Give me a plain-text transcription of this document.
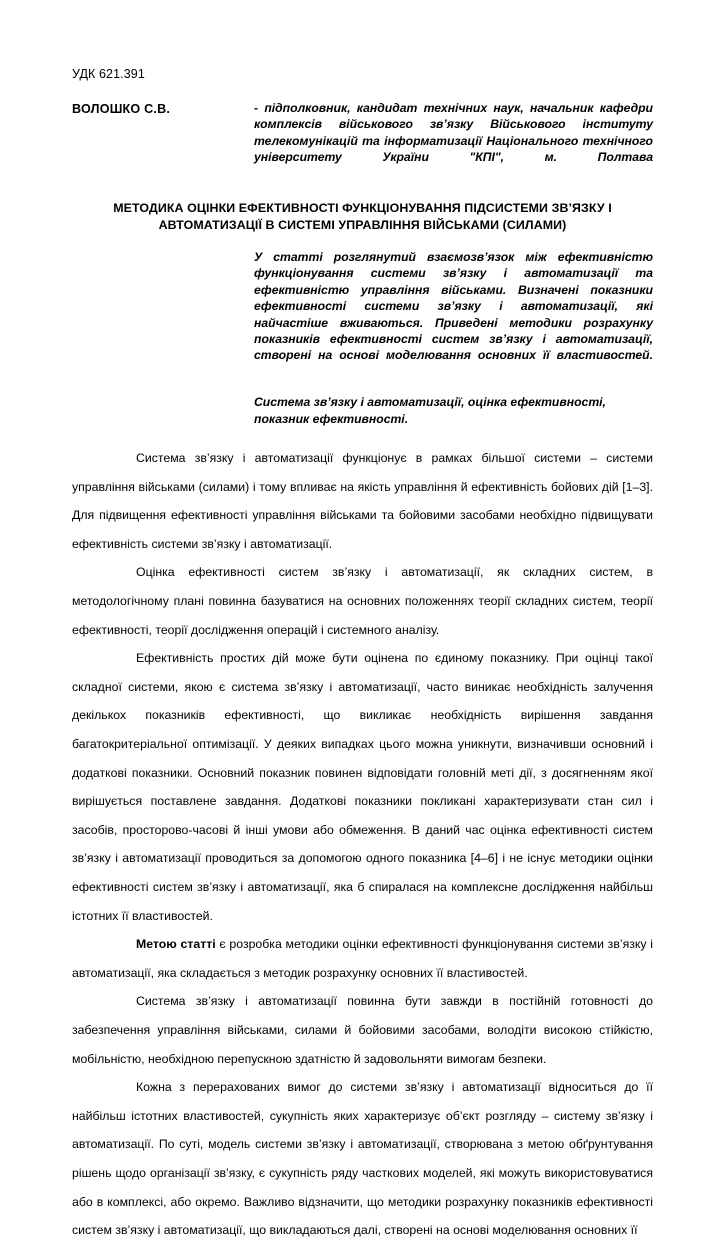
УДК 621.391
ВОЛОШКО С.В.	- підполковник, кандидат технічних наук, начальник кафедри комплексів військового зв’язку Військового інституту телекомунікацій та інформатизації Національного технічного університету України "КПІ", м. Полтава
МЕТОДИКА ОЦІНКИ ЕФЕКТИВНОСТІ ФУНКЦІОНУВАННЯ ПІДСИСТЕМИ ЗВ’ЯЗКУ І
АВТОМАТИЗАЦІЇ В СИСТЕМІ УПРАВЛІННЯ ВІЙСЬКАМИ (СИЛАМИ)
У статті розглянутий взаємозв’язок між ефективністю функціонування системи зв’язку і автоматизації та ефективністю управління військами. Визначені показники ефективності системи зв’язку і автоматизації, які найчастіше вживаються. Приведені методики розрахунку показників ефективності систем зв’язку і автоматизації, створені на основі моделювання основних її властивостей.
Система зв’язку і автоматизації, оцінка ефективності, показник ефективності.

Система зв’язку і автоматизації функціонує в рамках більшої системи – системи управління військами (силами) і тому впливає на якість управління й ефективність бойових дій [1–3]. Для підвищення ефективності управління військами та бойовими засобами необхідно підвищувати ефективність системи зв’язку і автоматизації.

Оцінка ефективності систем зв’язку і автоматизації, як складних систем, в методологічному плані повинна базуватися на основних положеннях теорії складних систем, теорії ефективності, теорії дослідження операцій і системного аналізу.

Ефективність простих дій може бути оцінена по єдиному показнику. При оцінці такої складної системи, якою є система зв’язку і автоматизації, часто виникає необхідність залучення декількох показників ефективності, що викликає необхідність вирішення завдання багатокритеріальної оптимізації. У деяких випадках цього можна уникнути, визначивши основний і додаткові показники. Основний показник повинен відповідати головній меті дії, з досягненням якої вирішується поставлене завдання. Додаткові показники покликані характеризувати стан сил і засобів, просторово-часові й інші умови або обмеження. В даний час оцінка ефективності систем зв’язку і автоматизації проводиться за допомогою одного показника [4–6] і не існує методики оцінки ефективності систем зв’язку і автоматизації, яка б спиралася на комплексне дослідження найбільш істотних її властивостей.

Метою статті є розробка методики оцінки ефективності функціонування системи зв’язку і автоматизації, яка складається з методик розрахунку основних її властивостей.

Система зв’язку і автоматизації повинна бути завжди в постійній готовності до забезпечення управління військами, силами й бойовими засобами, володіти високою стійкістю, мобільністю, необхідною перепускною здатністю й задовольняти вимогам безпеки.

Кожна з перерахованих вимог до системи зв’язку і автоматизації відноситься до її найбільш істотних властивостей, сукупність яких характеризує об’єкт розгляду – систему зв’язку і автоматизації. По суті, модель системи зв’язку і автоматизації, створювана з метою обґрунтування рішень щодо організації зв’язку, є сукупність ряду часткових моделей, які можуть використовуватися або в комплексі, або окремо. Важливо відзначити, що методики розрахунку показників ефективності систем зв’язку і автоматизації, що викладаються далі, створені на основі моделювання основних її
